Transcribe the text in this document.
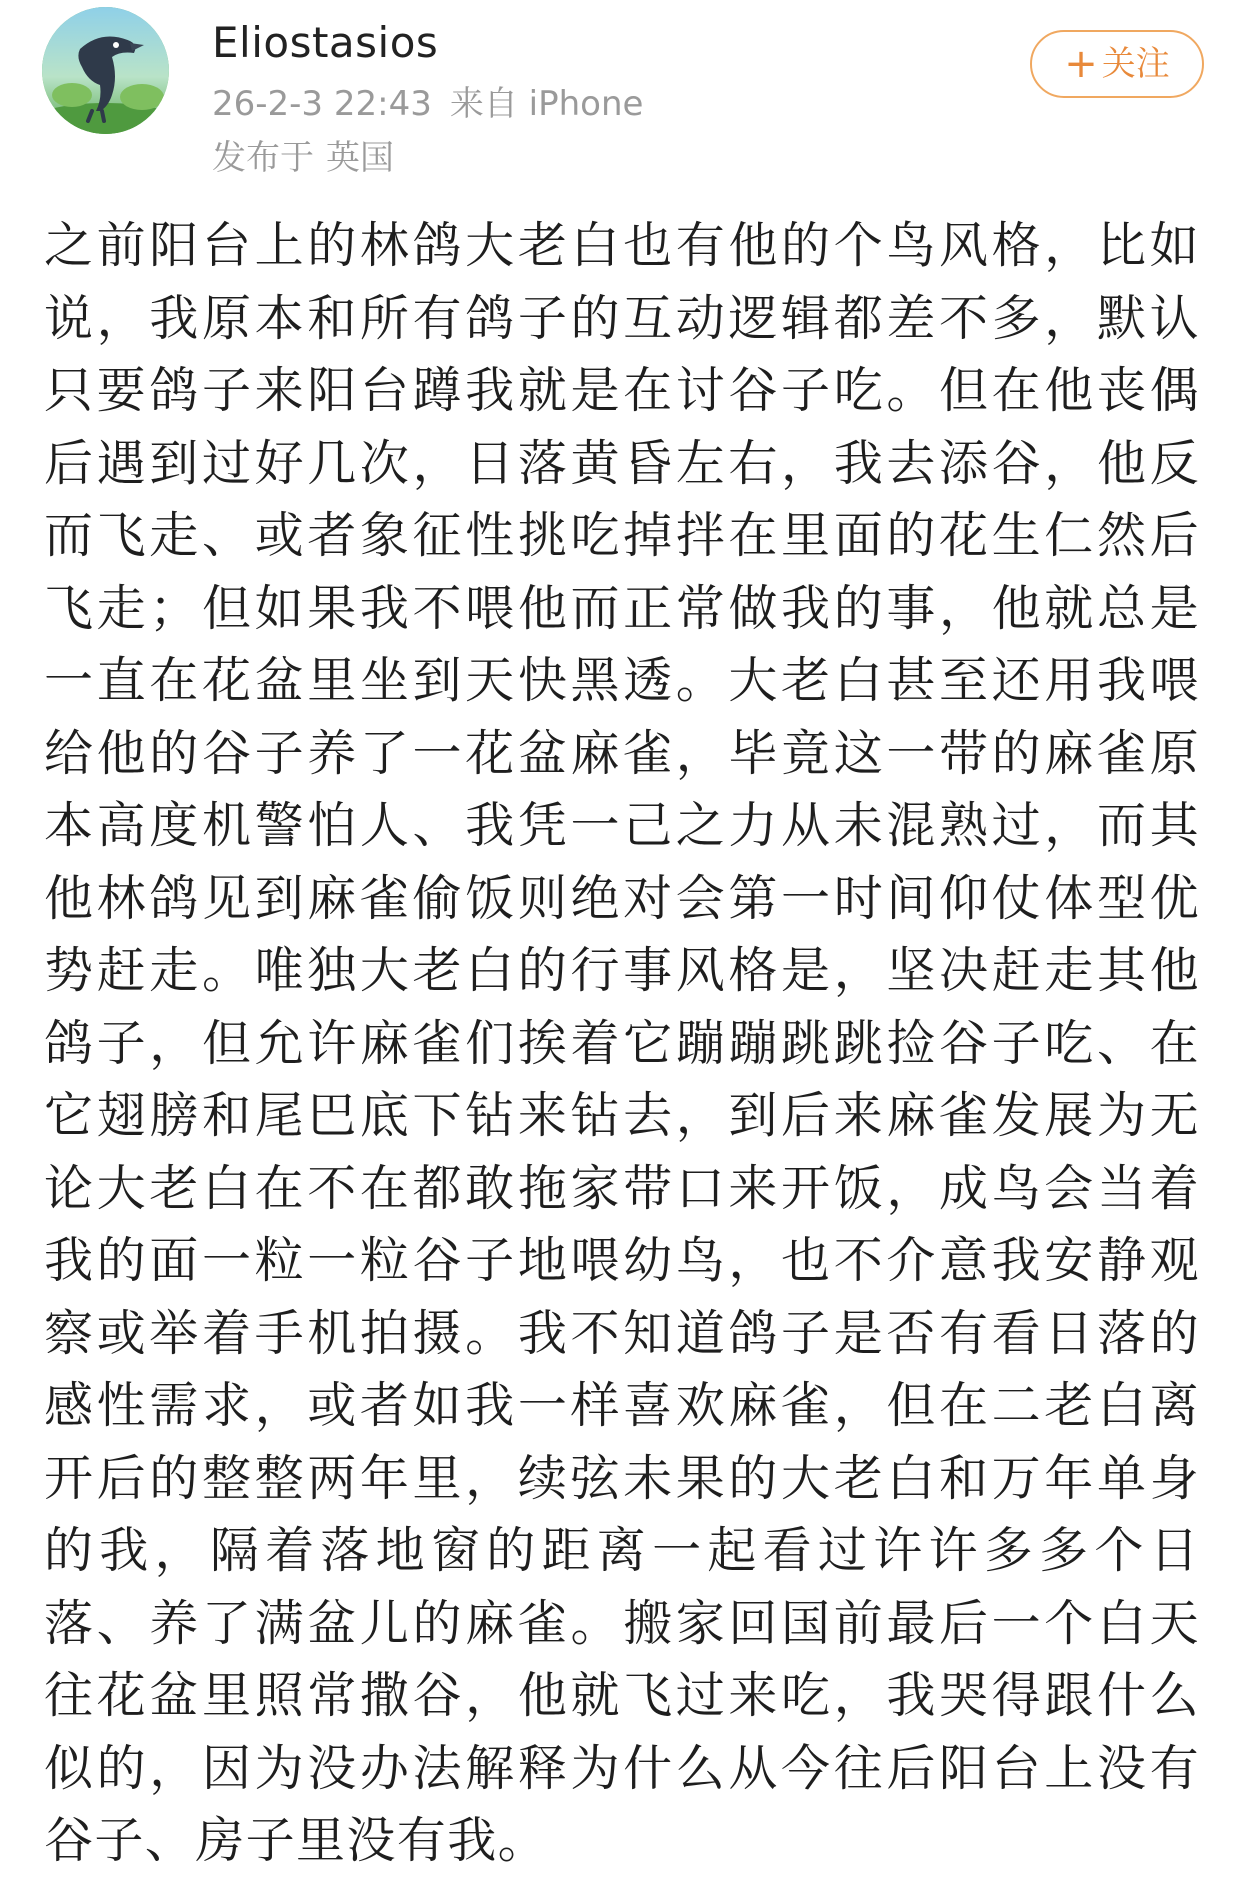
Eliostasios
26-2-3 22:43 来自 iPhone
发布于 英国
+ 关注
之前阳台上的林鸽大老白也有他的个鸟风格，比如说，我原本和所有鸽子的互动逻辑都差不多，默认只要鸽子来阳台蹲我就是在讨谷子吃。但在他丧偶后遇到过好几次，日落黄昏左右，我去添谷，他反而飞走、或者象征性挑吃掉拌在里面的花生仁然后飞走；但如果我不喂他而正常做我的事，他就总是一直在花盆里坐到天快黑透。大老白甚至还用我喂给他的谷子养了一花盆麻雀，毕竟这一带的麻雀原本高度机警怕人、我凭一己之力从未混熟过，而其他林鸽见到麻雀偷饭则绝对会第一时间仰仗体型优势赶走。唯独大老白的行事风格是，坚决赶走其他鸽子，但允许麻雀们挨着它蹦蹦跳跳捡谷子吃、在它翅膀和尾巴底下钻来钻去，到后来麻雀发展为无论大老白在不在都敢拖家带口来开饭，成鸟会当着我的面一粒一粒谷子地喂幼鸟，也不介意我安静观察或举着手机拍摄。我不知道鸽子是否有看日落的感性需求，或者如我一样喜欢麻雀，但在二老白离开后的整整两年里，续弦未果的大老白和万年单身的我，隔着落地窗的距离一起看过许许多多个日落、养了满盆儿的麻雀。搬家回国前最后一个白天往花盆里照常撒谷，他就飞过来吃，我哭得跟什么似的，因为没办法解释为什么从今往后阳台上没有谷子、房子里没有我。
